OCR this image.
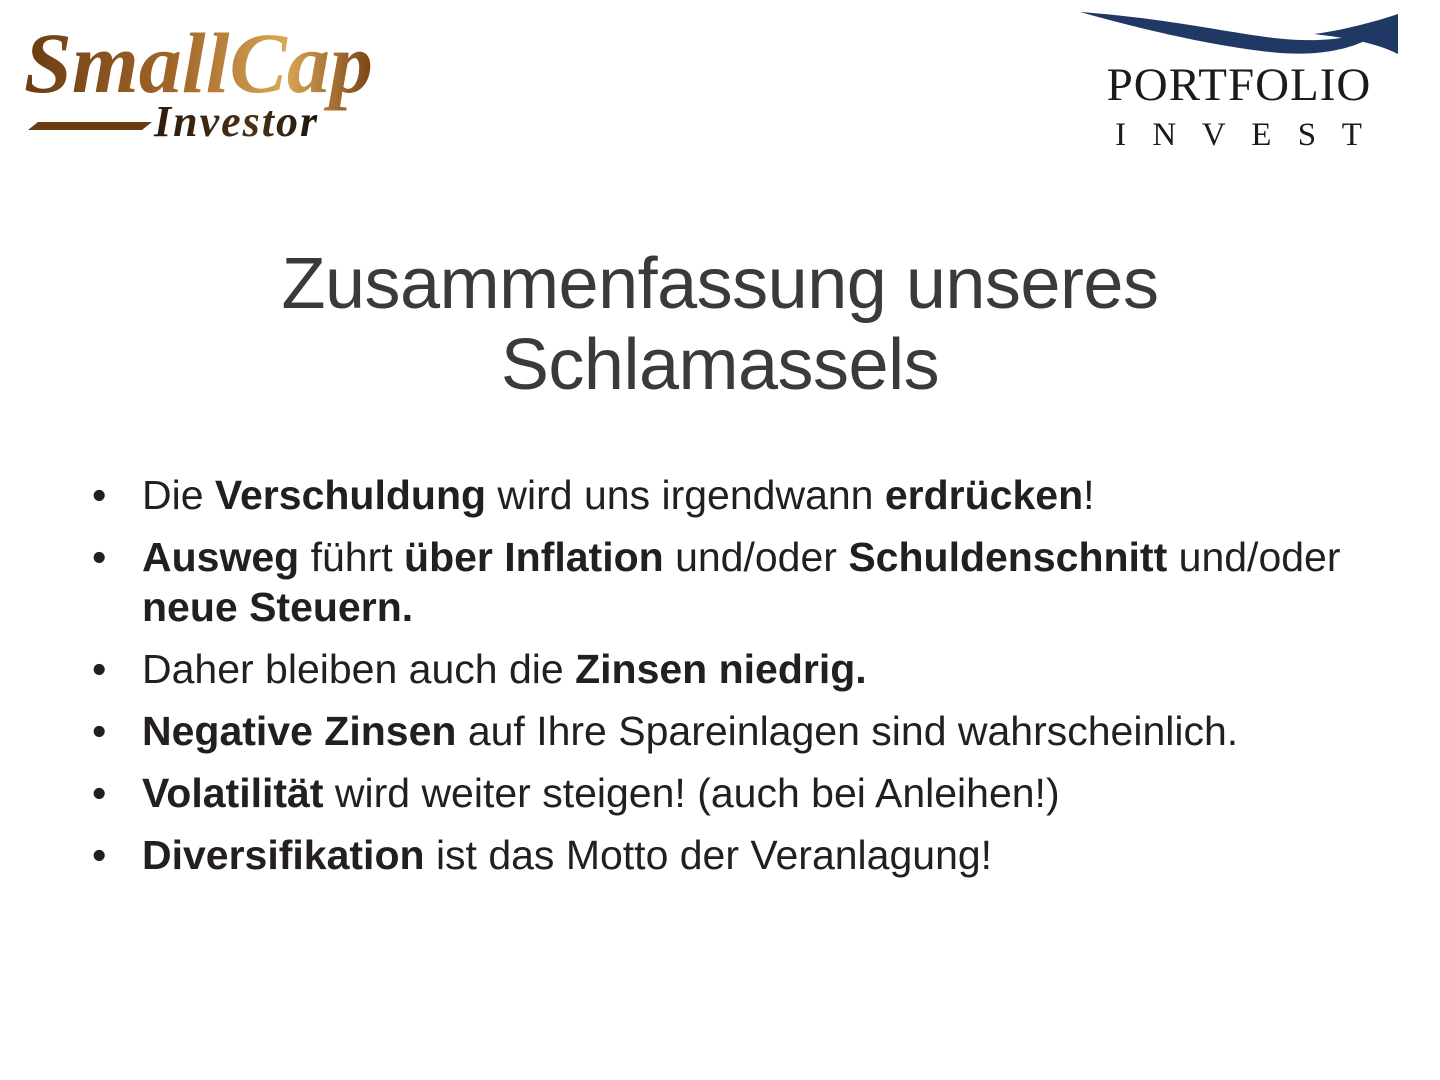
SmallCap
Investor
PORTFOLIO
I N V E S T
Zusammenfassung unseres Schlamassels
• Die Verschuldung wird uns irgendwann erdrücken!
• Ausweg führt über Inflation und/oder Schuldenschnitt und/oder neue Steuern.
• Daher bleiben auch die Zinsen niedrig.
• Negative Zinsen auf Ihre Spareinlagen sind wahrscheinlich.
• Volatilität wird weiter steigen! (auch bei Anleihen!)
• Diversifikation ist das Motto der Veranlagung!
